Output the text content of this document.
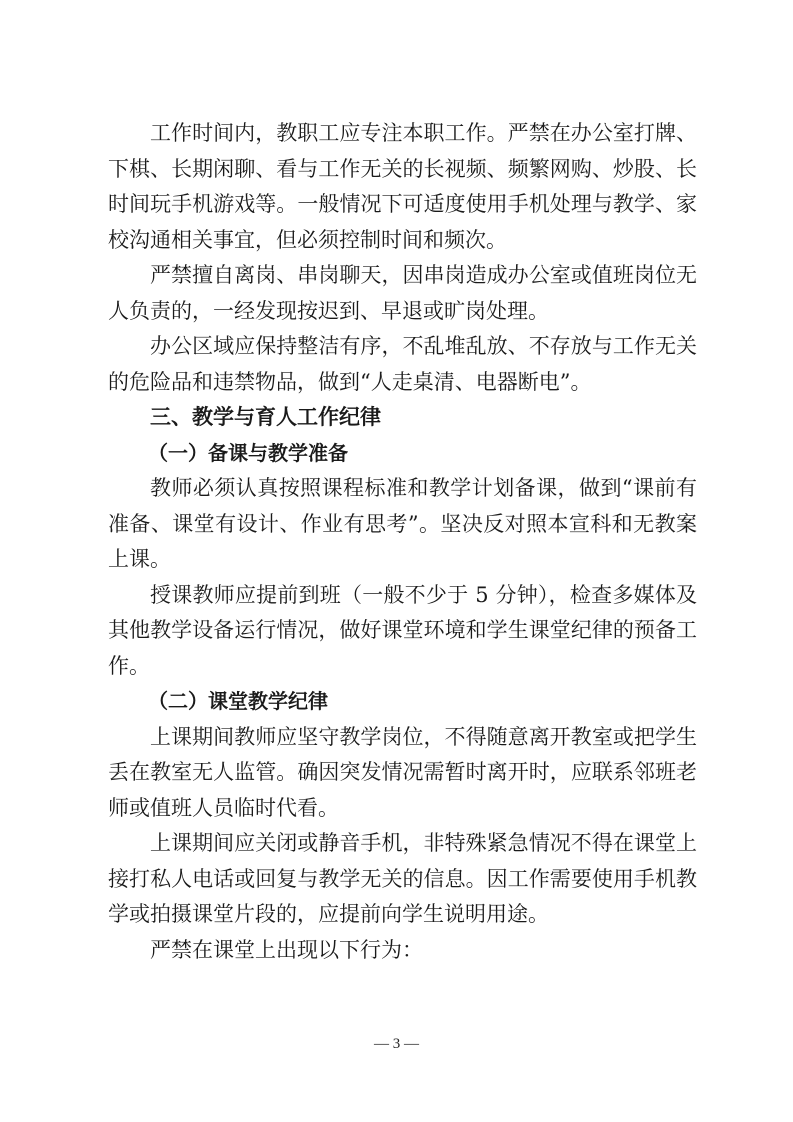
工作时间内，教职工应专注本职工作。严禁在办公室打牌、下棋、长期闲聊、看与工作无关的长视频、频繁网购、炒股、长时间玩手机游戏等。一般情况下可适度使用手机处理与教学、家校沟通相关事宜，但必须控制时间和频次。

严禁擅自离岗、串岗聊天，因串岗造成办公室或值班岗位无人负责的，一经发现按迟到、早退或旷岗处理。

办公区域应保持整洁有序，不乱堆乱放、不存放与工作无关的危险品和违禁物品，做到“人走桌清、电器断电”。

三、教学与育人工作纪律
（一）备课与教学准备

教师必须认真按照课程标准和教学计划备课，做到“课前有准备、课堂有设计、作业有思考”。坚决反对照本宣科和无教案上课。

授课教师应提前到班（一般不少于 5 分钟），检查多媒体及其他教学设备运行情况，做好课堂环境和学生课堂纪律的预备工作。

（二）课堂教学纪律

上课期间教师应坚守教学岗位，不得随意离开教室或把学生丢在教室无人监管。确因突发情况需暂时离开时，应联系邻班老师或值班人员临时代看。

上课期间应关闭或静音手机，非特殊紧急情况不得在课堂上接打私人电话或回复与教学无关的信息。因工作需要使用手机教学或拍摄课堂片段的，应提前向学生说明用途。

严禁在课堂上出现以下行为：

— 3 —
